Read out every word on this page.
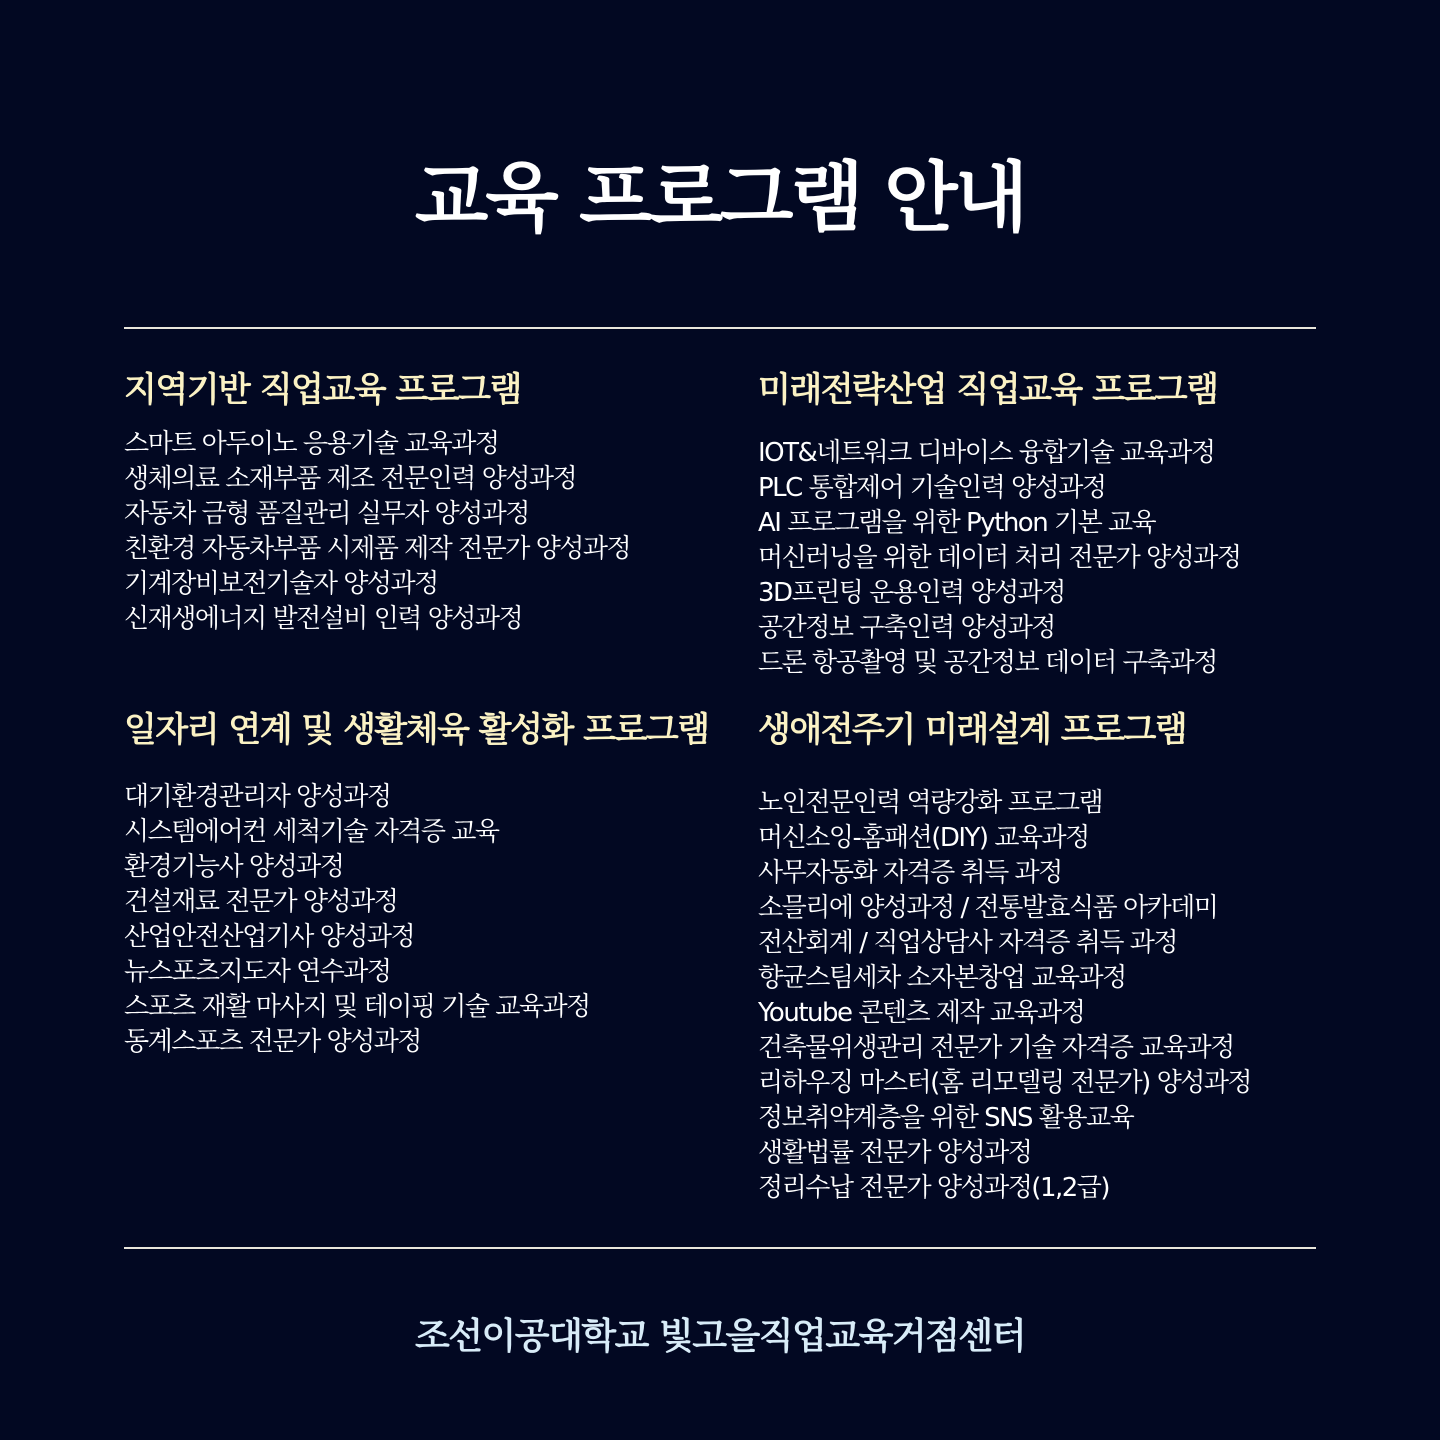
교육 프로그램 안내
지역기반 직업교육 프로그램
스마트 아두이노 응용기술 교육과정
생체의료 소재부품 제조 전문인력 양성과정
자동차 금형 품질관리 실무자 양성과정
친환경 자동차부품 시제품 제작 전문가 양성과정
기계장비보전기술자 양성과정
신재생에너지 발전설비 인력 양성과정
미래전략산업 직업교육 프로그램
IOT&네트워크 디바이스 융합기술 교육과정
PLC 통합제어 기술인력 양성과정
AI 프로그램을 위한 Python 기본 교육
머신러닝을 위한 데이터 처리 전문가 양성과정
3D프린팅 운용인력 양성과정
공간정보 구축인력 양성과정
드론 항공촬영 및 공간정보 데이터 구축과정
일자리 연계 및 생활체육 활성화 프로그램
대기환경관리자 양성과정
시스템에어컨 세척기술 자격증 교육
환경기능사 양성과정
건설재료 전문가 양성과정
산업안전산업기사 양성과정
뉴스포츠지도자 연수과정
스포츠 재활 마사지 및 테이핑 기술 교육과정
동계스포츠 전문가 양성과정
생애전주기 미래설계 프로그램
노인전문인력 역량강화 프로그램
머신소잉-홈패션(DIY) 교육과정
사무자동화 자격증 취득 과정
소믈리에 양성과정 / 전통발효식품 아카데미
전산회계 / 직업상담사 자격증 취득 과정
향균스팀세차 소자본창업 교육과정
Youtube 콘텐츠 제작 교육과정
건축물위생관리 전문가 기술 자격증 교육과정
리하우징 마스터(홈 리모델링 전문가) 양성과정
정보취약계층을 위한 SNS 활용교육
생활법률 전문가 양성과정
정리수납 전문가 양성과정(1,2급)
조선이공대학교 빛고을직업교육거점센터
